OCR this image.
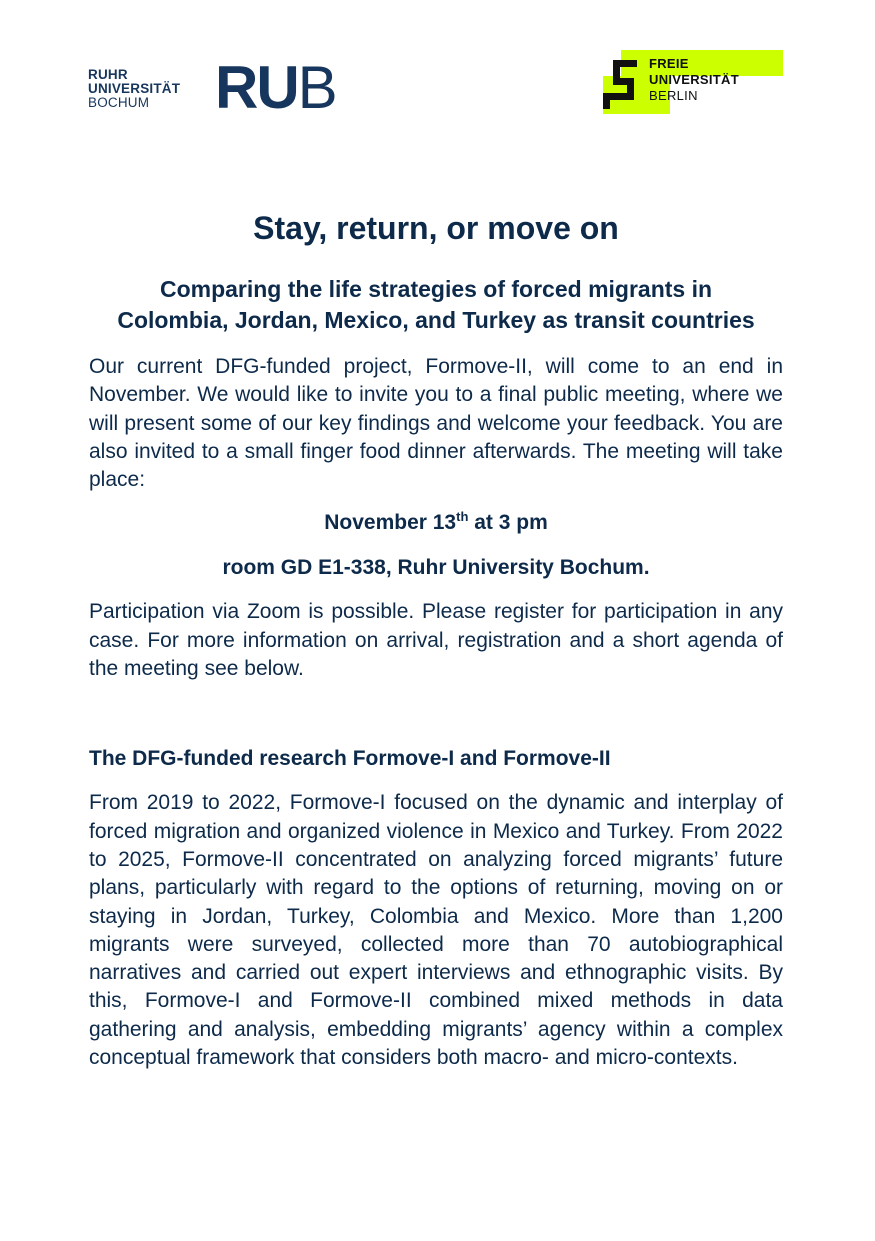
RUHR
UNIVERSITÄT
BOCHUM	RUB	FREIE
UNIVERSITÄT
BERLIN
Stay, return, or move on
Comparing the life strategies of forced migrants in
Colombia, Jordan, Mexico, and Turkey as transit countries

Our current DFG-funded project, Formove-II, will come to an end in November. We would like to invite you to a final public meeting, where we will present some of our key findings and welcome your feedback. You are also invited to a small finger food dinner afterwards. The meeting will take place:

November 13th at 3 pm
room GD E1-338, Ruhr University Bochum.

Participation via Zoom is possible. Please register for participation in any case. For more information on arrival, registration and a short agenda of the meeting see below.

The DFG-funded research Formove-I and Formove-II

From 2019 to 2022, Formove-I focused on the dynamic and interplay of forced migration and organized violence in Mexico and Turkey. From 2022 to 2025, Formove-II concentrated on analyzing forced migrants’ future plans, particularly with regard to the options of returning, moving on or staying in Jordan, Turkey, Colombia and Mexico. More than 1,200 migrants were surveyed, collected more than 70 autobiographical narratives and carried out expert interviews and ethnographic visits. By this, Formove-I and Formove-II combined mixed methods in data gathering and analysis, embedding migrants’ agency within a complex conceptual framework that considers both macro- and micro-contexts.
